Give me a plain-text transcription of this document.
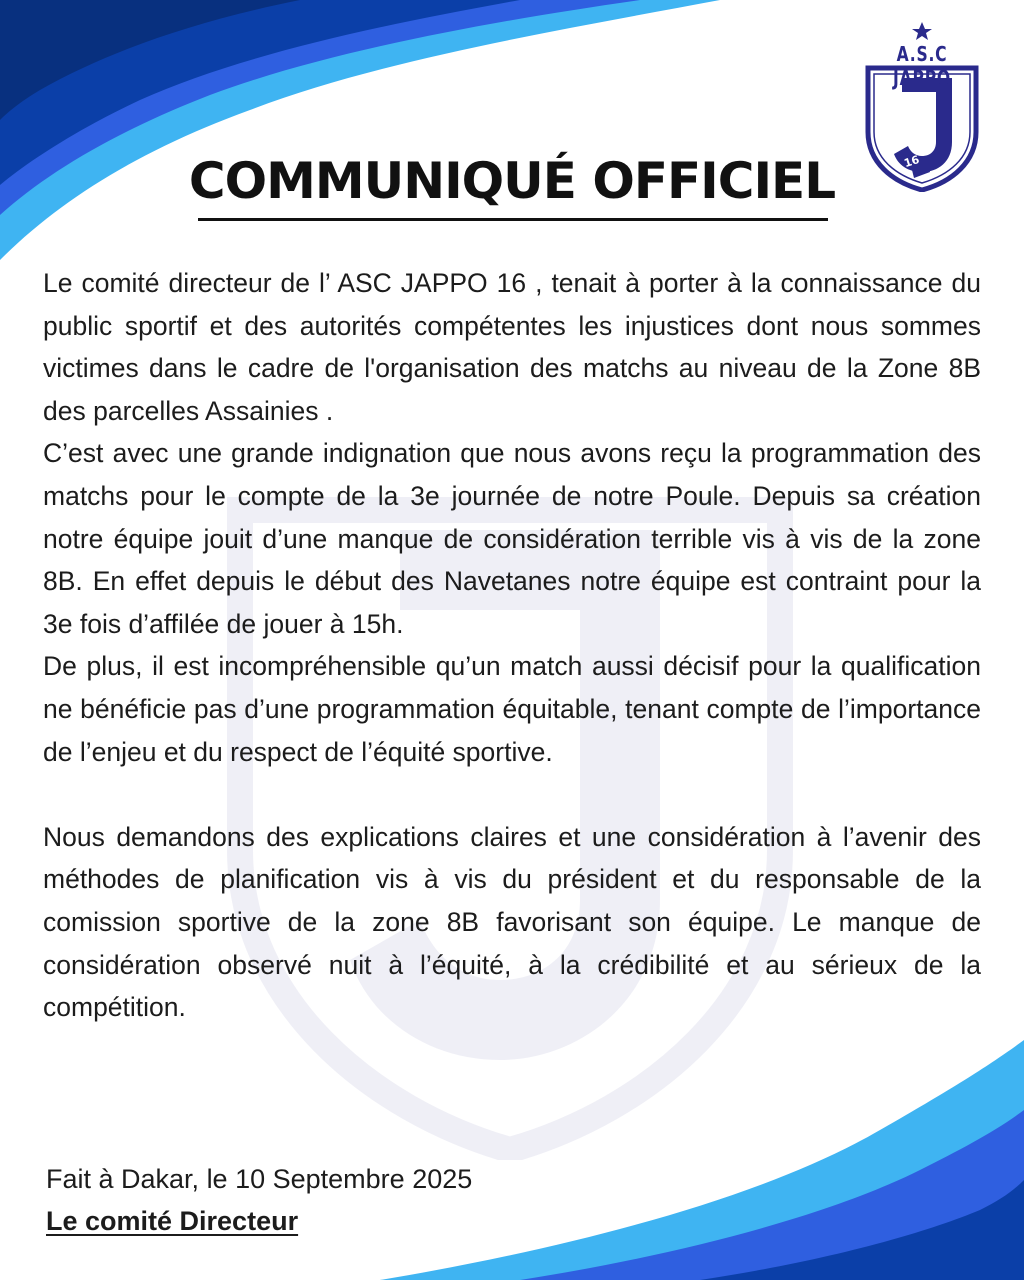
A.S.C JAPPO
16
COMMUNIQUÉ OFFICIEL

Le comité directeur de l’ ASC JAPPO 16 , tenait à porter à la connaissance du public sportif et des autorités compétentes les injustices dont nous sommes victimes dans le cadre de l'organisation des matchs au niveau de la Zone 8B des parcelles Assainies .

C’est avec une grande indignation que nous avons reçu la programmation des matchs pour le compte de la 3e journée de notre Poule. Depuis sa création notre équipe jouit d’une manque de considération terrible vis à vis de la zone 8B. En effet depuis le début des Navetanes notre équipe est contraint pour la 3e fois d’affilée de jouer à 15h.

De plus, il est incompréhensible qu’un match aussi décisif pour la qualification ne bénéficie pas d’une programmation équitable, tenant compte de l’importance de l’enjeu et du respect de l’équité sportive.

Nous demandons des explications claires et une considération à l’avenir des méthodes de planification vis à vis du président et du responsable de la comission sportive de la zone 8B favorisant son équipe. Le manque de considération observé nuit à l’équité, à la crédibilité et au sérieux de la compétition.

Fait à Dakar, le 10 Septembre 2025
Le comité Directeur
